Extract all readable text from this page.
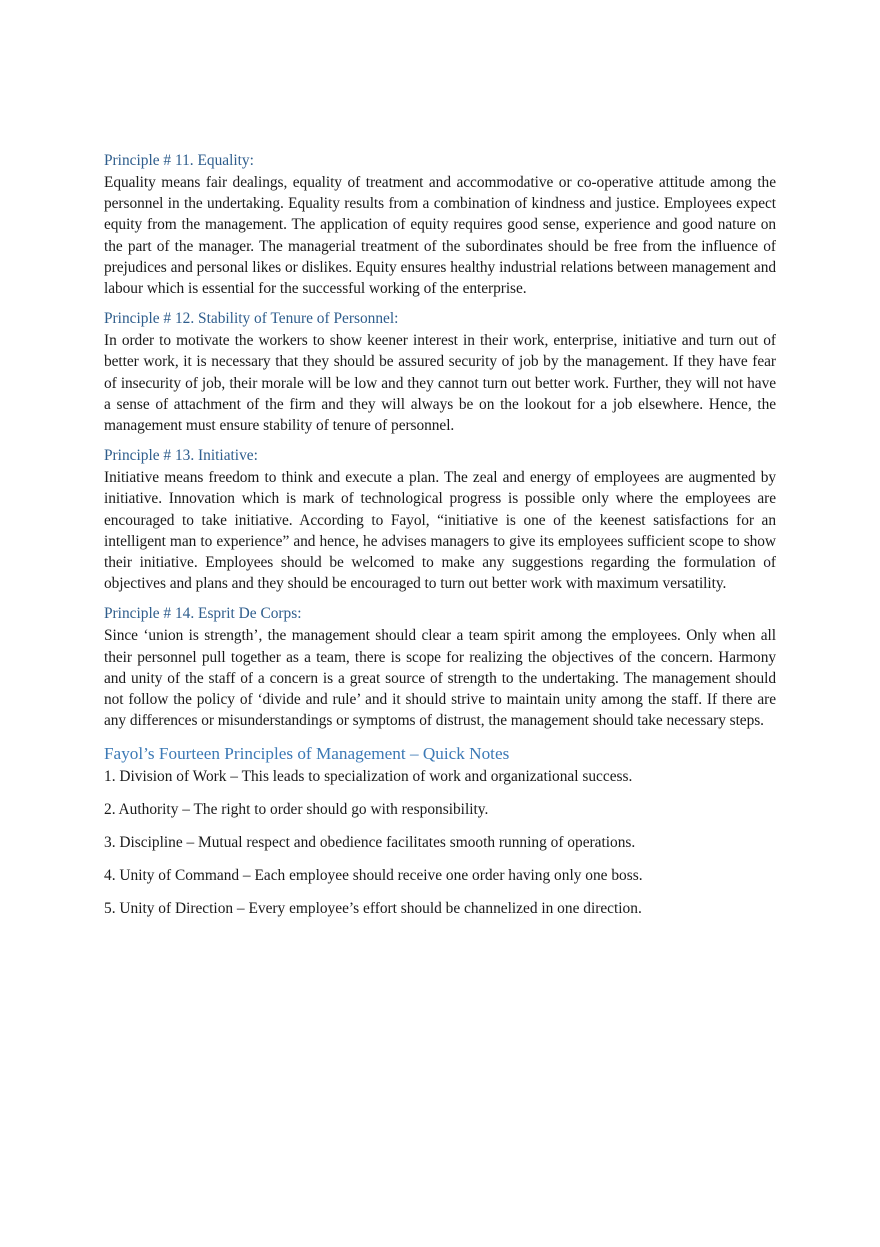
Principle # 11. Equality:

Equality means fair dealings, equality of treatment and accommodative or co-operative attitude among the personnel in the undertaking. Equality results from a combination of kindness and justice. Employees expect equity from the management. The application of equity requires good sense, experience and good nature on the part of the manager. The managerial treatment of the subordinates should be free from the influence of prejudices and personal likes or dislikes. Equity ensures healthy industrial relations between management and labour which is essential for the successful working of the enterprise.

Principle # 12. Stability of Tenure of Personnel:

In order to motivate the workers to show keener interest in their work, enterprise, initiative and turn out of better work, it is necessary that they should be assured security of job by the management. If they have fear of insecurity of job, their morale will be low and they cannot turn out better work. Further, they will not have a sense of attachment of the firm and they will always be on the lookout for a job elsewhere. Hence, the management must ensure stability of tenure of personnel.

Principle # 13. Initiative:

Initiative means freedom to think and execute a plan. The zeal and energy of employees are augmented by initiative. Innovation which is mark of technological progress is possible only where the employees are encouraged to take initiative. According to Fayol, “initiative is one of the keenest satisfactions for an intelligent man to experience” and hence, he advises managers to give its employees sufficient scope to show their initiative. Employees should be welcomed to make any suggestions regarding the formulation of objectives and plans and they should be encouraged to turn out better work with maximum versatility.

Principle # 14. Esprit De Corps:

Since ‘union is strength’, the management should clear a team spirit among the employees. Only when all their personnel pull together as a team, there is scope for realizing the objectives of the concern. Harmony and unity of the staff of a concern is a great source of strength to the undertaking. The management should not follow the policy of ‘divide and rule’ and it should strive to maintain unity among the staff. If there are any differences or misunderstandings or symptoms of distrust, the management should take necessary steps.

Fayol’s Fourteen Principles of Management – Quick Notes

1. Division of Work – This leads to specialization of work and organizational success.
2. Authority – The right to order should go with responsibility.
3. Discipline – Mutual respect and obedience facilitates smooth running of operations.
4. Unity of Command – Each employee should receive one order having only one boss.
5. Unity of Direction – Every employee’s effort should be channelized in one direction.
